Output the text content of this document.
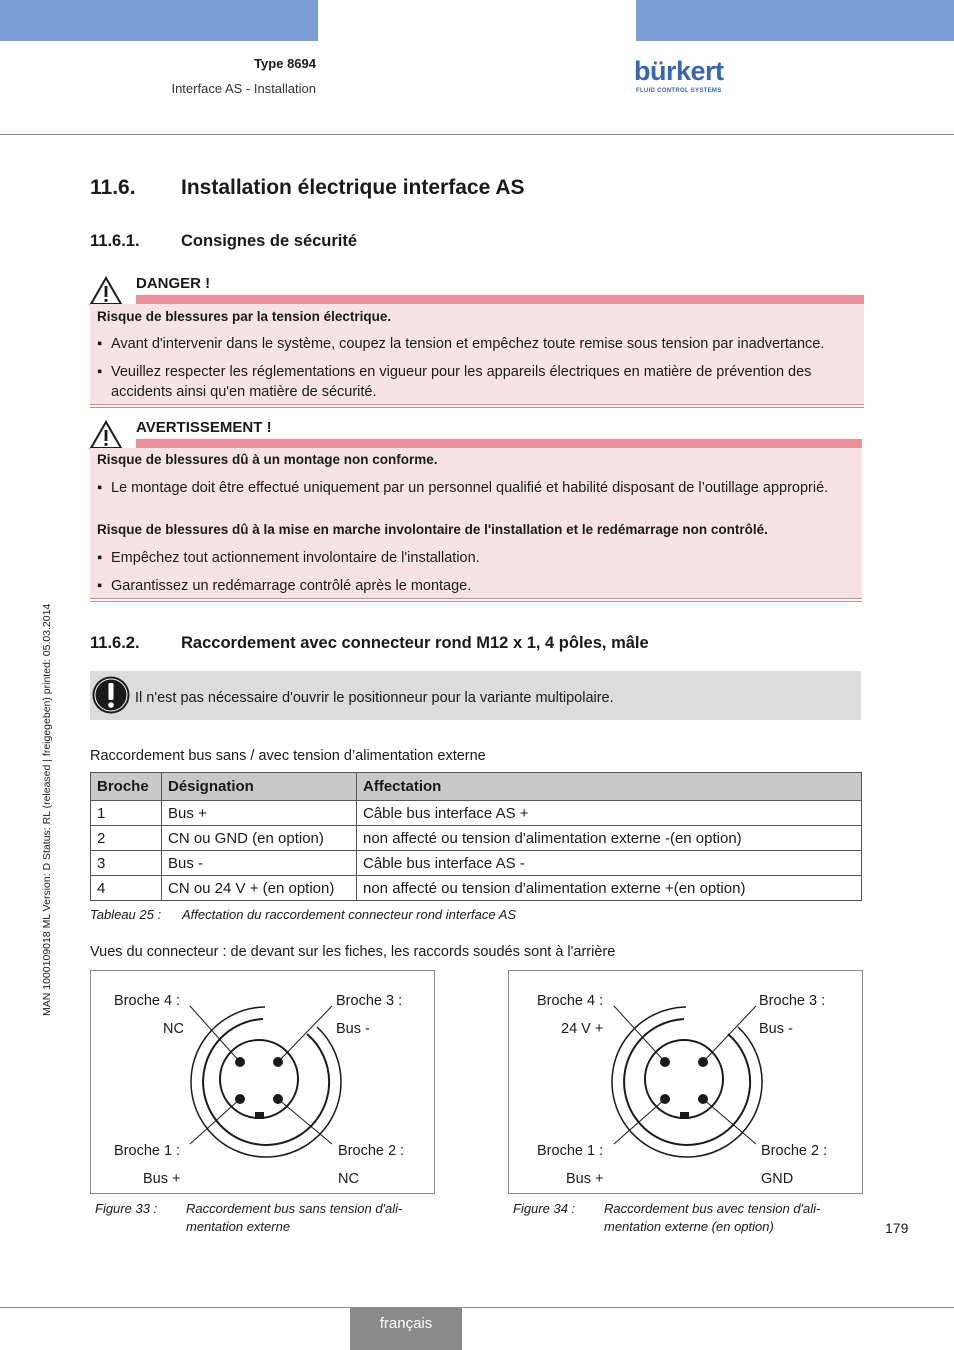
Type 8694
Interface AS - Installation
bürkert
FLUID CONTROL SYSTEMS
MAN 1000109018 ML Version: D Status: RL (released | freigegeben) printed: 05.03.2014
11.6. Installation électrique interface AS
11.6.1.	Consignes de sécurité
DANGER !
Risque de blessures par la tension électrique.
▪ Avant d'intervenir dans le système, coupez la tension et empêchez toute remise sous tension par inadvertance.
▪ Veuillez respecter les réglementations en vigueur pour les appareils électriques en matière de prévention des
accidents ainsi qu'en matière de sécurité.
AVERTISSEMENT !
Risque de blessures dû à un montage non conforme.
▪ Le montage doit être effectué uniquement par un personnel qualifié et habilité disposant de l’outillage approprié.
Risque de blessures dû à la mise en marche involontaire de l'installation et le redémarrage non contrôlé.
▪ Empêchez tout actionnement involontaire de l'installation.
▪ Garantissez un redémarrage contrôlé après le montage.
11.6.2.	Raccordement avec connecteur rond M12 x 1, 4 pôles, mâle
Il n'est pas nécessaire d'ouvrir le positionneur pour la variante multipolaire.
Raccordement bus sans / avec tension d’alimentation externe
Broche	Désignation	Affectation
1	Bus +	Câble bus interface AS +
2	CN ou GND (en option)	non affecté ou tension d'alimentation externe -(en option)
3	Bus -	Câble bus interface AS -
4	CN ou 24 V + (en option)	non affecté ou tension d'alimentation externe +(en option)
Tableau 25 : Affectation du raccordement connecteur rond interface AS
Vues du connecteur : de devant sur les fiches, les raccords soudés sont à l'arrière
Broche 4 :
NC
Broche 3 :
Bus -
Broche 1 :
Bus +
Broche 2 :
NC
Figure 33 : Raccordement bus sans tension d'ali-
mentation externe
Broche 4 :
24 V +
Broche 3 :
Bus -
Broche 1 :
Bus +
Broche 2 :
GND
Figure 34 : Raccordement bus avec tension d'ali-
mentation externe (en option)	179
français
